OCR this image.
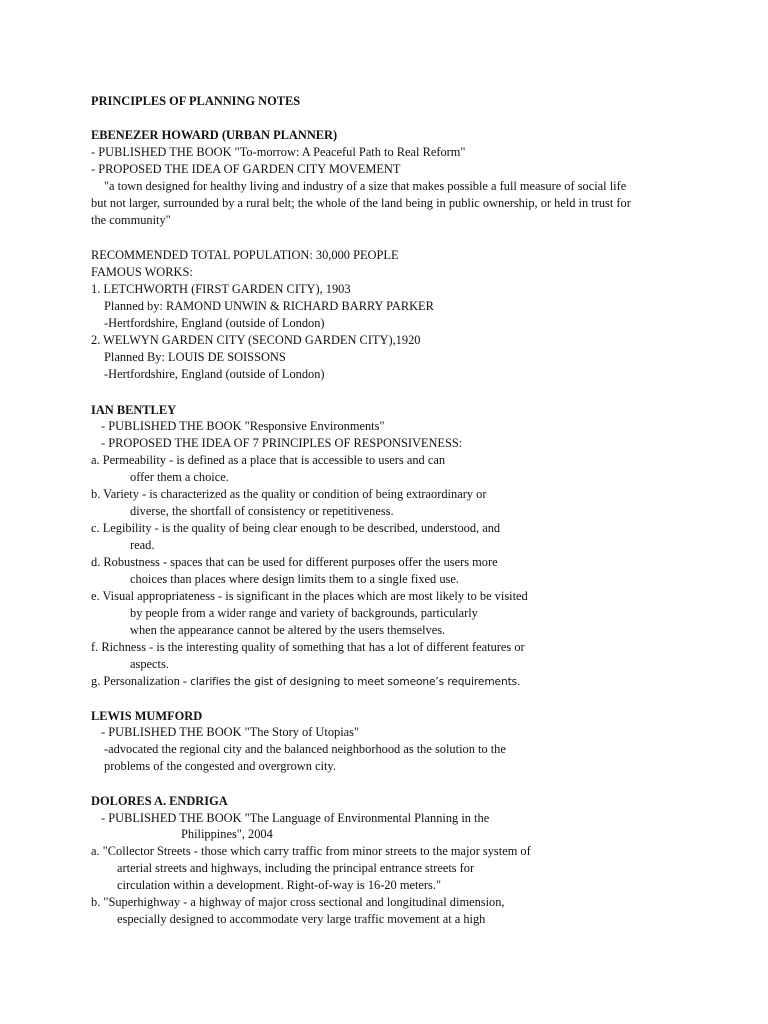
PRINCIPLES OF PLANNING NOTES
EBENEZER HOWARD (URBAN PLANNER)
- PUBLISHED THE BOOK "To-morrow: A Peaceful Path to Real Reform"
- PROPOSED THE IDEA OF GARDEN CITY MOVEMENT
"a town designed for healthy living and industry of a size that makes possible a full measure of social life
but not larger, surrounded by a rural belt; the whole of the land being in public ownership, or held in trust for
the community"
RECOMMENDED TOTAL POPULATION: 30,000 PEOPLE
FAMOUS WORKS:
1. LETCHWORTH (FIRST GARDEN CITY), 1903
Planned by: RAMOND UNWIN & RICHARD BARRY PARKER
-Hertfordshire, England (outside of London)
2. WELWYN GARDEN CITY (SECOND GARDEN CITY),1920
Planned By: LOUIS DE SOISSONS
-Hertfordshire, England (outside of London)
IAN BENTLEY
- PUBLISHED THE BOOK "Responsive Environments"
- PROPOSED THE IDEA OF 7 PRINCIPLES OF RESPONSIVENESS:
a. Permeability - is defined as a place that is accessible to users and can
offer them a choice.
b. Variety - is characterized as the quality or condition of being extraordinary or
diverse, the shortfall of consistency or repetitiveness.
c. Legibility - is the quality of being clear enough to be described, understood, and
read.
d. Robustness - spaces that can be used for different purposes offer the users more
choices than places where design limits them to a single fixed use.
e. Visual appropriateness - is significant in the places which are most likely to be visited
by people from a wider range and variety of backgrounds, particularly
when the appearance cannot be altered by the users themselves.
f. Richness - is the interesting quality of something that has a lot of different features or
aspects.
g. Personalization - clarifies the gist of designing to meet someone’s requirements.
LEWIS MUMFORD
- PUBLISHED THE BOOK "The Story of Utopias"
-advocated the regional city and the balanced neighborhood as the solution to the
problems of the congested and overgrown city.
DOLORES A. ENDRIGA
- PUBLISHED THE BOOK "The Language of Environmental Planning in the
Philippines", 2004
a. "Collector Streets - those which carry traffic from minor streets to the major system of
arterial streets and highways, including the principal entrance streets for
circulation within a development. Right-of-way is 16-20 meters."
b. "Superhighway - a highway of major cross sectional and longitudinal dimension,
especially designed to accommodate very large traffic movement at a high
